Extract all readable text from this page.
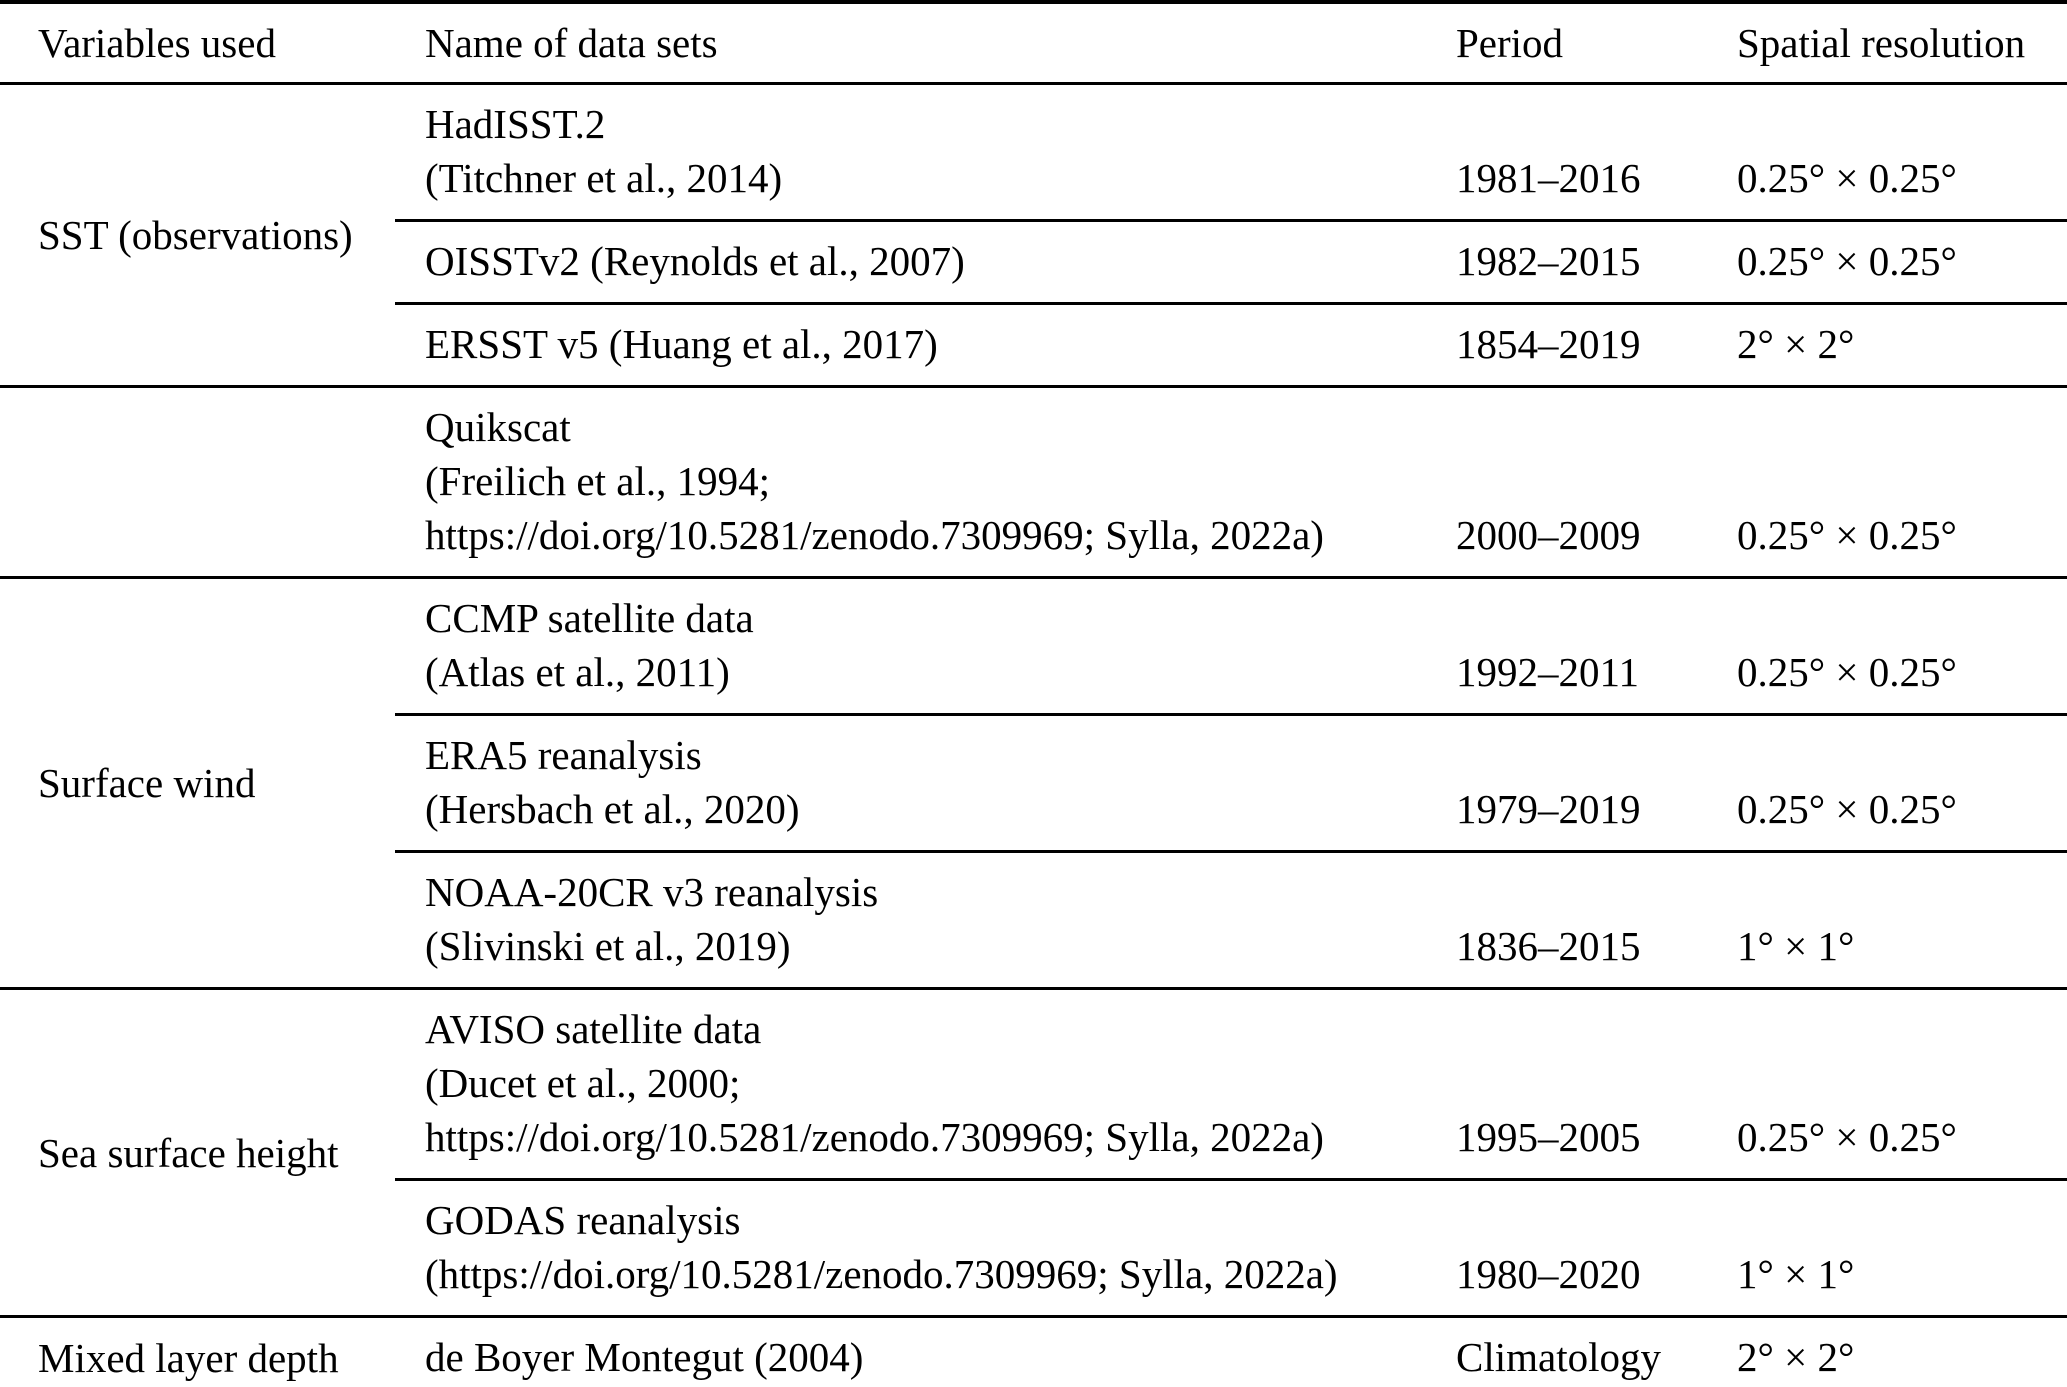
Variables used	Name of data sets	Period	Spatial resolution
SST (observations)	HadISST.2
(Titchner et al., 2014)	1981–2016	0.25° × 0.25°

	OISSTv2 (Reynolds et al., 2007)	1982–2015	0.25° × 0.25°

	ERSST v5 (Huang et al., 2017)	1854–2019	2° × 2°

	Quikscat
(Freilich et al., 1994;
https://doi.org/10.5281/zenodo.7309969; Sylla, 2022a)	2000–2009	0.25° × 0.25°
Surface wind	CCMP satellite data
(Atlas et al., 2011)	1992–2011	0.25° × 0.25°

	ERA5 reanalysis
(Hersbach et al., 2020)	1979–2019	0.25° × 0.25°

	NOAA-20CR v3 reanalysis
(Slivinski et al., 2019)	1836–2015	1° × 1°
Sea surface height	AVISO satellite data
(Ducet et al., 2000;
https://doi.org/10.5281/zenodo.7309969; Sylla, 2022a)	1995–2005	0.25° × 0.25°

	GODAS reanalysis
(https://doi.org/10.5281/zenodo.7309969; Sylla, 2022a)	1980–2020	1° × 1°
Mixed layer depth	de Boyer Montegut (2004)	Climatology	2° × 2°
